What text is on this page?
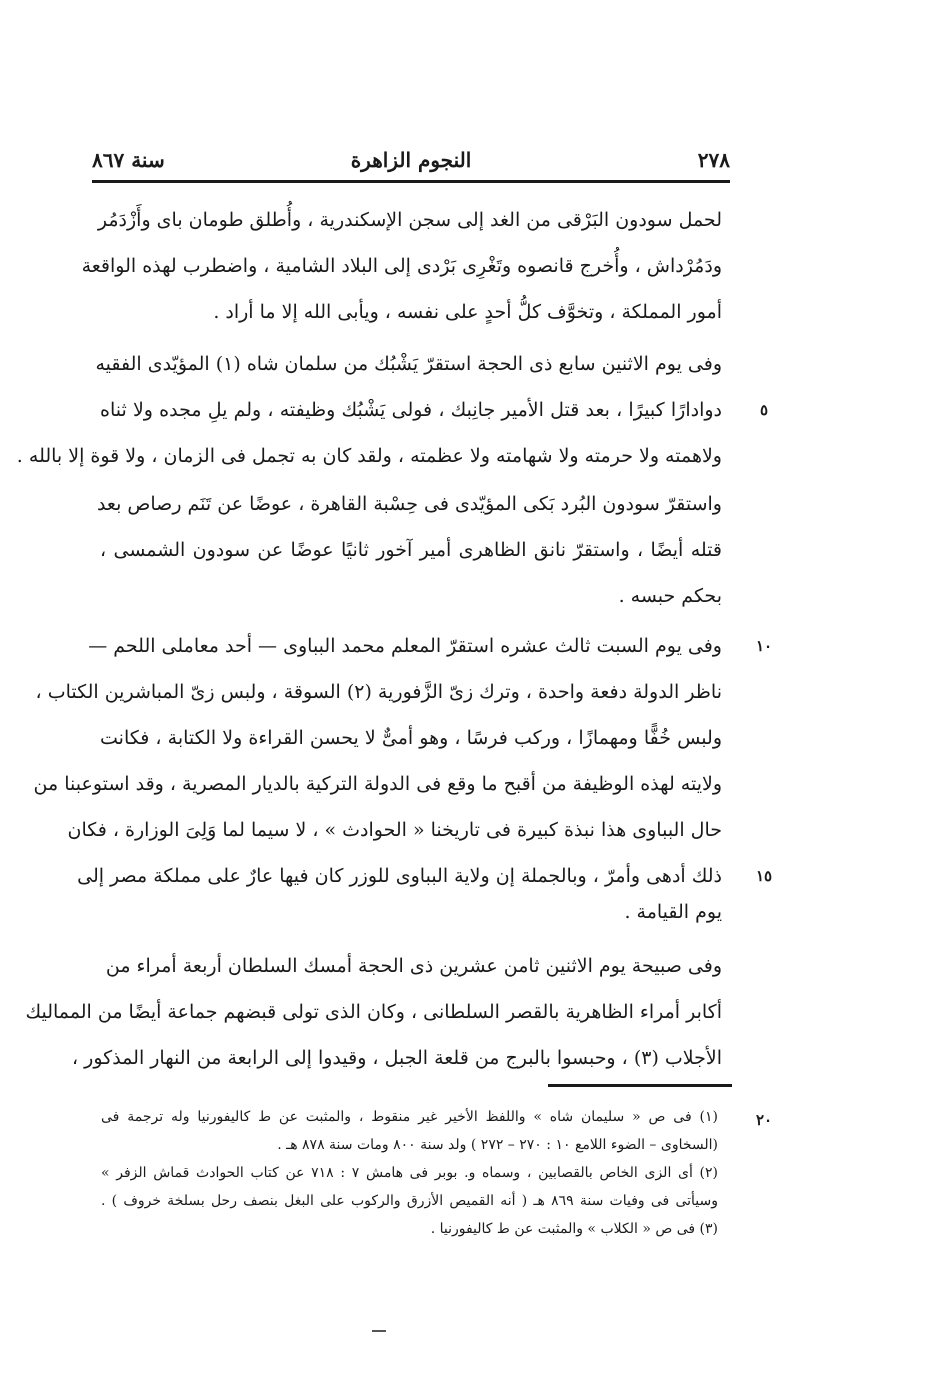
٢٧٨
النجوم الزاهرة
سنة ٨٦٧
لحمل سودون البَرْقى من الغد إلى سجن الإسكندرية ، وأُطلق طومان باى وأَزْدَمُر
ودَمُرْداش ، وأُخرج قانصوه وتَغْرِى بَرْدى إلى البلاد الشامية ، واضطرب لهذه الواقعة
أمور المملكة ، وتخوَّف كلُّ أحدٍ على نفسه ، ويأبى الله إلا ما أراد .
وفى يوم الاثنين سابع ذى الحجة استقرّ يَشْبُك من سلمان شاه (١) المؤيّدى الفقيه
دوادارًا كبيرًا ، بعد قتل الأمير جانِبك ، فولى يَشْبُك وظيفته ، ولم يلِ مجده ولا ثناه
ولاهمته ولا حرمته ولا شهامته ولا عظمته ، ولقد كان به تجمل فى الزمان ، ولا قوة إلا بالله .
واستقرّ سودون البُرد بَكى المؤيّدى فى حِسْبة القاهرة ، عوضًا عن تَنَم رصاص بعد
قتله أيضًا ، واستقرّ نانق الظاهرى أمير آخور ثانيًا عوضًا عن سودون الشمسى ،
بحكم حبسه .
وفى يوم السبت ثالث عشره استقرّ المعلم محمد البباوى — أحد معاملى اللحم —
ناظر الدولة دفعة واحدة ، وترك زىّ الزَّفورية (٢) السوقة ، ولبس زىّ المباشرين الكتاب ،
ولبس خُفًّا ومهمازًا ، وركب فرسًا ، وهو أمىٌّ لا يحسن القراءة ولا الكتابة ، فكانت
ولايته لهذه الوظيفة من أقبح ما وقع فى الدولة التركية بالديار المصرية ، وقد استوعبنا من
حال البباوى هذا نبذة كبيرة فى تاريخنا « الحوادث » ، لا سيما لما وَلِىَ الوزارة ، فكان
ذلك أدهى وأمرّ ، وبالجملة إن ولاية البباوى للوزر كان فيها عارٌ على مملكة مصر إلى
يوم القيامة .
وفى صبيحة يوم الاثنين ثامن عشرين ذى الحجة أمسك السلطان أربعة أمراء من
أكابر أمراء الظاهرية بالقصر السلطانى ، وكان الذى تولى قبضهم جماعة أيضًا من المماليك
الأجلاب (٣) ، وحبسوا بالبرج من قلعة الجبل ، وقيدوا إلى الرابعة من النهار المذكور ،
٥
١٠
١٥
٢٠
(١) فى ص « سليمان شاه » واللفظ الأخير غير منقوط ، والمثبت عن ط كاليفورنيا وله ترجمة فى
(السخاوى – الضوء اللامع ١٠ : ٢٧٠ – ٢٧٢ ) ولد سنة ٨٠٠ ومات سنة ٨٧٨ هـ .
(٢) أى الزى الخاص بالقصابين ، وسماه و. بوبر فى هامش ٧ : ٧١٨ عن كتاب الحوادث قماش الزفر »
وسيأتى فى وفيات سنة ٨٦٩ هـ ( أنه القميص الأزرق والركوب على البغل بنصف رحل بسلخة خروف ) .
(٣) فى ص « الكلاب » والمثبت عن ط كاليفورنيا .
